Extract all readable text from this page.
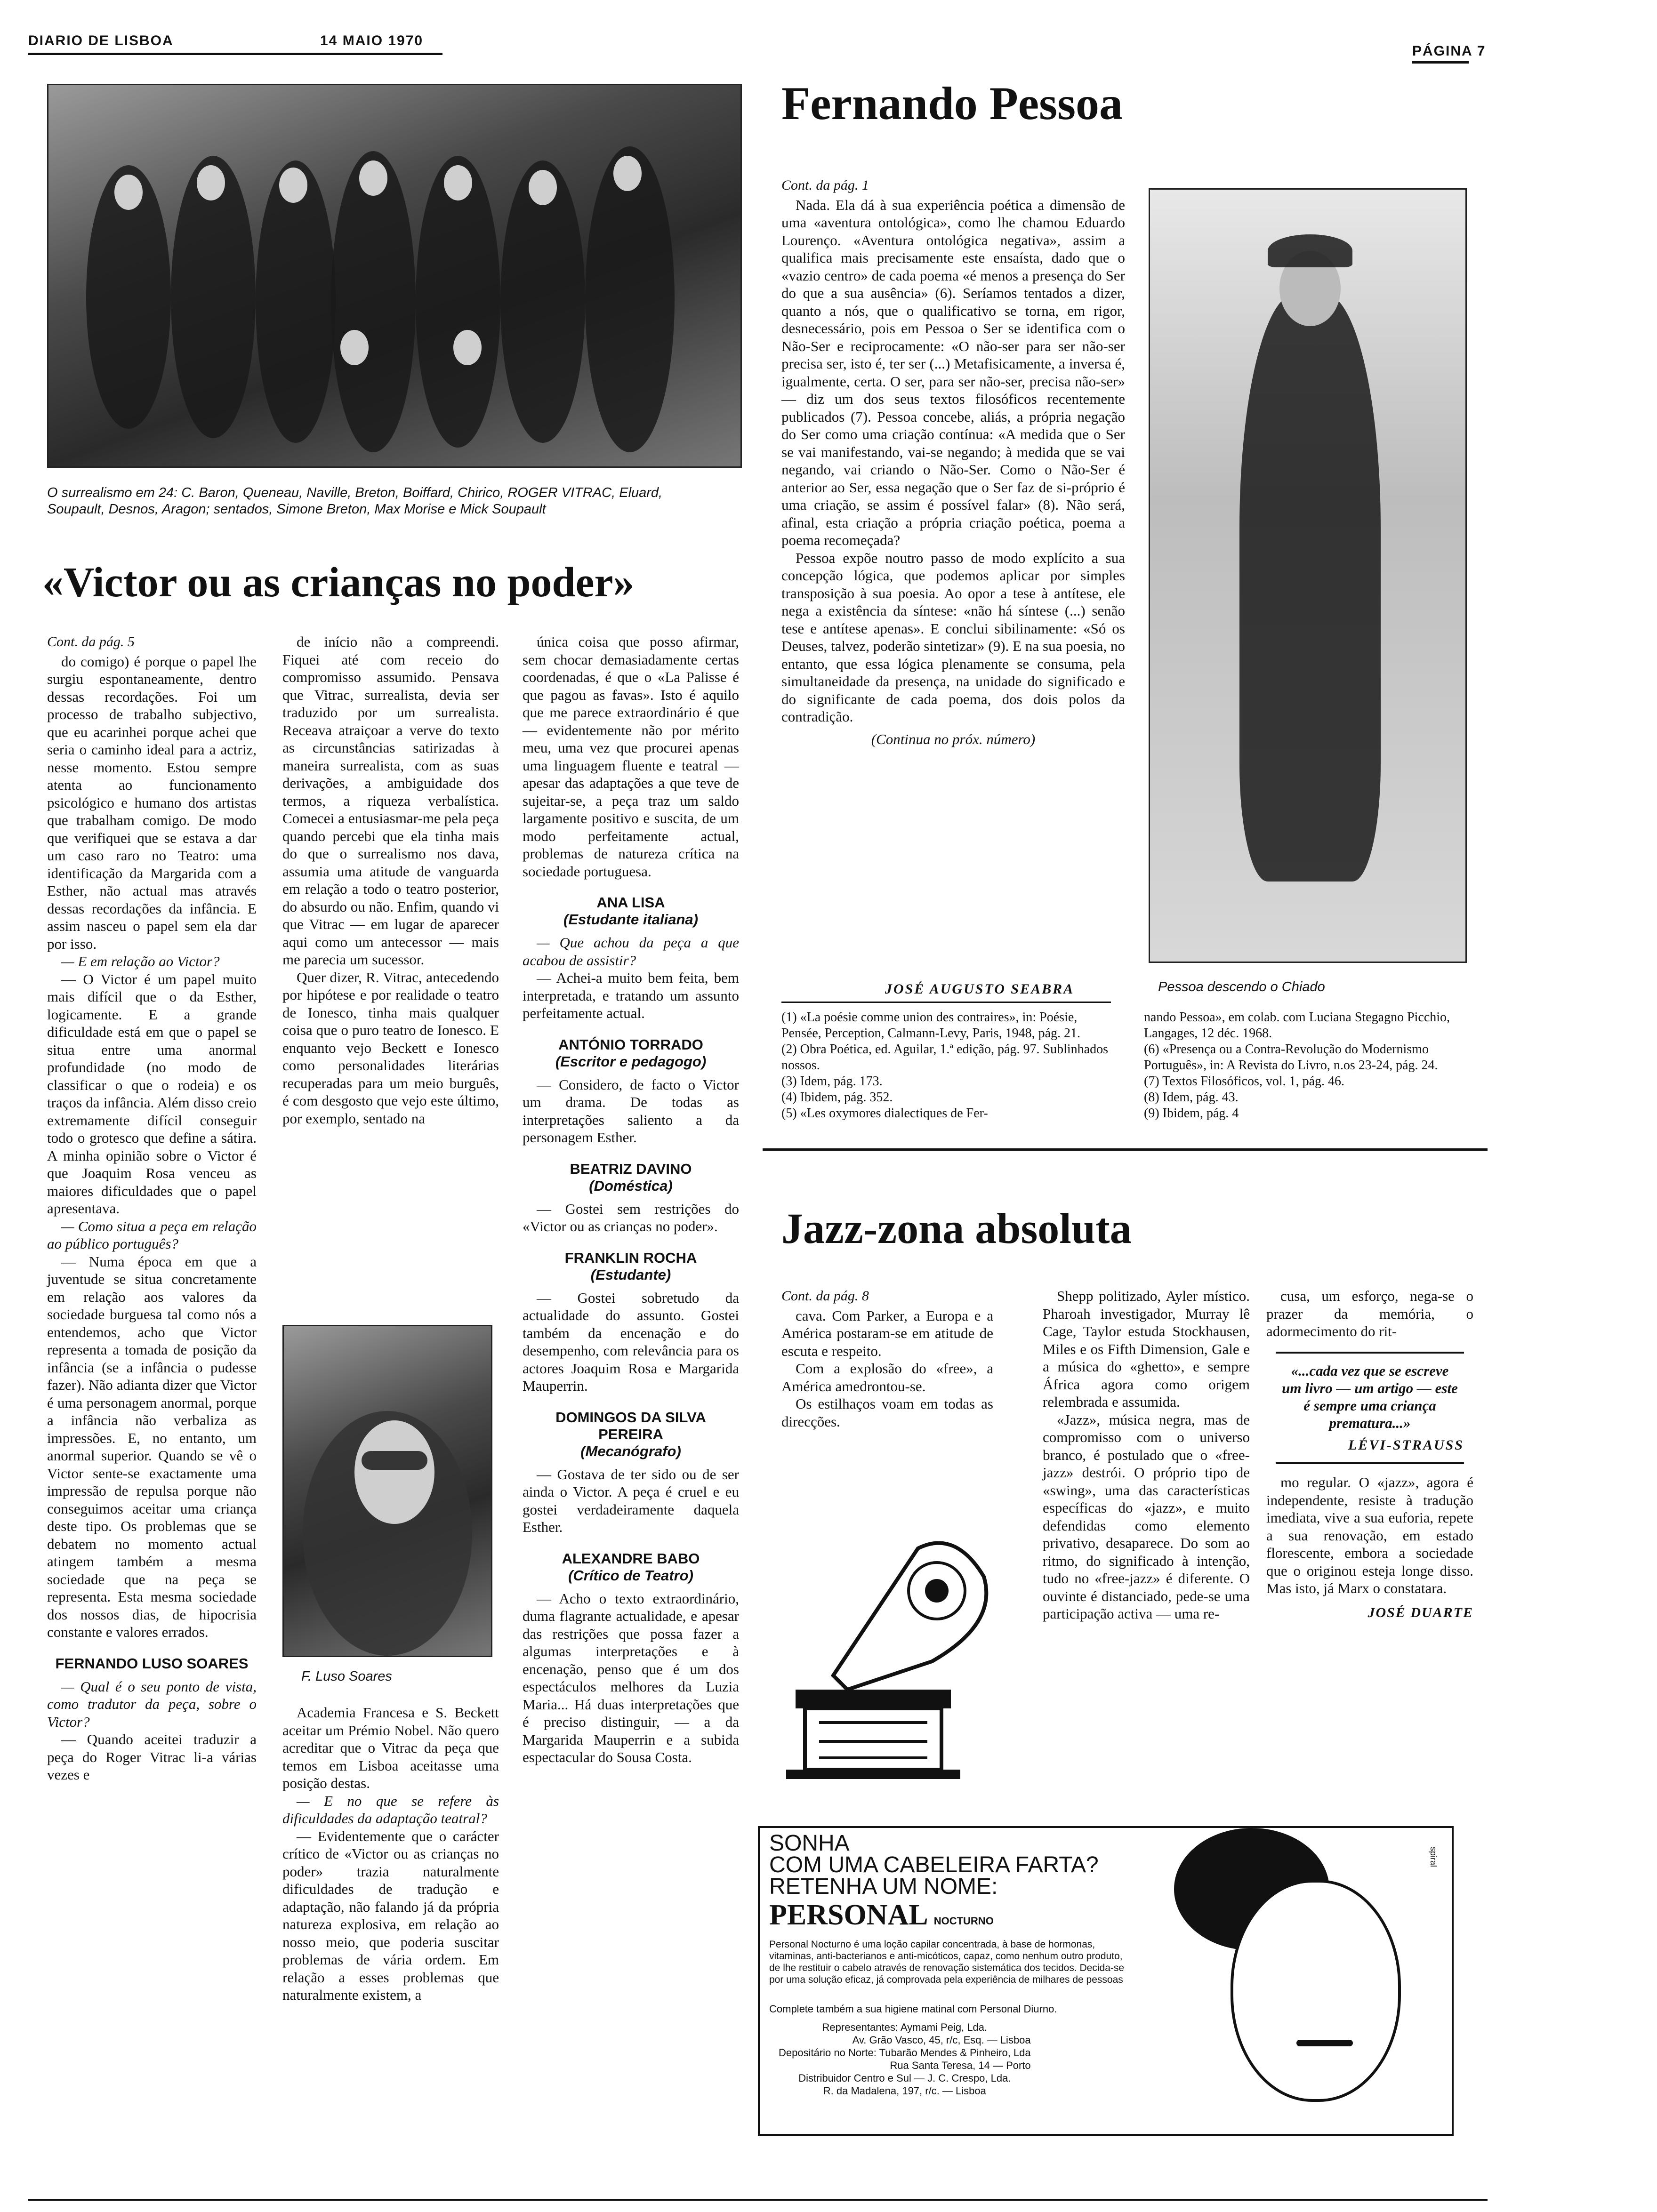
DIARIO DE LISBOA	14 MAIO 1970
PÁGINA 7
O surrealismo em 24: C. Baron, Queneau, Naville, Breton, Boiffard, Chirico, ROGER VITRAC, Eluard, Soupault, Desnos, Aragon; sentados, Simone Breton, Max Morise e Mick Soupault
«Victor ou as crianças no poder»
Cont. da pág. 5

do comigo) é porque o papel lhe surgiu espontaneamente, dentro dessas recordações. Foi um processo de trabalho subjectivo, que eu acarinhei porque achei que seria o caminho ideal para a actriz, nesse momento. Estou sempre atenta ao funcionamento psicológico e humano dos artistas que trabalham comigo. De modo que verifiquei que se estava a dar um caso raro no Teatro: uma identificação da Margarida com a Esther, não actual mas através dessas recordações da infância. E assim nasceu o papel sem ela dar por isso.

— E em relação ao Victor?

— O Victor é um papel muito mais difícil que o da Esther, logicamente. E a grande dificuldade está em que o papel se situa entre uma anormal profundidade (no modo de classificar o que o rodeia) e os traços da infância. Além disso creio extremamente difícil conseguir todo o grotesco que define a sátira. A minha opinião sobre o Victor é que Joaquim Rosa venceu as maiores dificuldades que o papel apresentava.

— Como situa a peça em relação ao público português?

— Numa época em que a juventude se situa concretamente em relação aos valores da sociedade burguesa tal como nós a entendemos, acho que Victor representa a tomada de posição da infância (se a infância o pudesse fazer). Não adianta dizer que Victor é uma personagem anormal, porque a infância não verbaliza as impressões. E, no entanto, um anormal superior. Quando se vê o Victor sente-se exactamente uma impressão de repulsa porque não conseguimos aceitar uma criança deste tipo. Os problemas que se debatem no momento actual atingem também a mesma sociedade que na peça se representa. Esta mesma sociedade dos nossos dias, de hipocrisia constante e valores errados.

FERNANDO LUSO SOARES

— Qual é o seu ponto de vista, como tradutor da peça, sobre o Victor?

— Quando aceitei traduzir a peça do Roger Vitrac li-a várias vezes e

de início não a compreendi. Fiquei até com receio do compromisso assumido. Pensava que Vitrac, surrealista, devia ser traduzido por um surrealista. Receava atraiçoar a verve do texto as circunstâncias satirizadas à maneira surrealista, com as suas derivações, a ambiguidade dos termos, a riqueza verbalística. Comecei a entusiasmar-me pela peça quando percebi que ela tinha mais do que o surrealismo nos dava, assumia uma atitude de vanguarda em relação a todo o teatro posterior, do absurdo ou não. Enfim, quando vi que Vitrac — em lugar de aparecer aqui como um antecessor — mais me parecia um sucessor.

Quer dizer, R. Vitrac, antecedendo por hipótese e por realidade o teatro de Ionesco, tinha mais qualquer coisa que o puro teatro de Ionesco. E enquanto vejo Beckett e Ionesco como personalidades literárias recuperadas para um meio burguês, é com desgosto que vejo este último, por exemplo, sentado na

F. Luso Soares

Academia Francesa e S. Beckett aceitar um Prémio Nobel. Não quero acreditar que o Vitrac da peça que temos em Lisboa aceitasse uma posição destas.

— E no que se refere às dificuldades da adaptação teatral?

— Evidentemente que o carácter crítico de «Victor ou as crianças no poder» trazia naturalmente dificuldades de tradução e adaptação, não falando já da própria natureza explosiva, em relação ao nosso meio, que poderia suscitar problemas de vária ordem. Em relação a esses problemas que naturalmente existem, a

única coisa que posso afirmar, sem chocar demasiadamente certas coordenadas, é que o «La Palisse é que pagou as favas». Isto é aquilo que me parece extraordinário é que — evidentemente não por mérito meu, uma vez que procurei apenas uma linguagem fluente e teatral — apesar das adaptações a que teve de sujeitar-se, a peça traz um saldo largamente positivo e suscita, de um modo perfeitamente actual, problemas de natureza crítica na sociedade portuguesa.

ANA LISA
(Estudante italiana)

— Que achou da peça a que acabou de assistir?

— Achei-a muito bem feita, bem interpretada, e tratando um assunto perfeitamente actual.

ANTÓNIO TORRADO
(Escritor e pedagogo)

— Considero, de facto o Victor um drama. De todas as interpretações saliento a da personagem Esther.

BEATRIZ DAVINO
(Doméstica)

— Gostei sem restrições do «Victor ou as crianças no poder».

FRANKLIN ROCHA
(Estudante)

— Gostei sobretudo da actualidade do assunto. Gostei também da encenação e do desempenho, com relevância para os actores Joaquim Rosa e Margarida Mauperrin.

DOMINGOS DA SILVA PEREIRA
(Mecanógrafo)

— Gostava de ter sido ou de ser ainda o Victor. A peça é cruel e eu gostei verdadeiramente daquela Esther.

ALEXANDRE BABO
(Crítico de Teatro)

— Acho o texto extraordinário, duma flagrante actualidade, e apesar das restrições que possa fazer a algumas interpretações e à encenação, penso que é um dos espectáculos melhores da Luzia Maria... Há duas interpretações que é preciso distinguir, — a da Margarida Mauperrin e a subida espectacular do Sousa Costa.

Fernando Pessoa
Cont. da pág. 1

Nada. Ela dá à sua experiência poética a dimensão de uma «aventura ontológica», como lhe chamou Eduardo Lourenço. «Aventura ontológica negativa», assim a qualifica mais precisamente este ensaísta, dado que o «vazio centro» de cada poema «é menos a presença do Ser do que a sua ausência» (6). Seríamos tentados a dizer, quanto a nós, que o qualificativo se torna, em rigor, desnecessário, pois em Pessoa o Ser se identifica com o Não-Ser e reciprocamente: «O não-ser para ser não-ser precisa ser, isto é, ter ser (...) Metafisicamente, a inversa é, igualmente, certa. O ser, para ser não-ser, precisa não-ser» — diz um dos seus textos filosóficos recentemente publicados (7). Pessoa concebe, aliás, a própria negação do Ser como uma criação contínua: «A medida que o Ser se vai manifestando, vai-se negando; à medida que se vai negando, vai criando o Não-Ser. Como o Não-Ser é anterior ao Ser, essa negação que o Ser faz de si-próprio é uma criação, se assim é possível falar» (8). Não será, afinal, esta criação a própria criação poética, poema a poema recomeçada?

Pessoa expõe noutro passo de modo explícito a sua concepção lógica, que podemos aplicar por simples transposição à sua poesia. Ao opor a tese à antítese, ele nega a existência da síntese: «não há síntese (...) senão tese e antítese apenas». E conclui sibilinamente: «Só os Deuses, talvez, poderão sintetizar» (9). E na sua poesia, no entanto, que essa lógica plenamente se consuma, pela simultaneidade da presença, na unidade do significado e do significante de cada poema, dos dois polos da contradição.

(Continua no próx. número)
Pessoa descendo o Chiado
JOSÉ AUGUSTO SEABRA
(1) «La poésie comme union des contraires», in: Poésie, Pensée, Perception, Calmann-Levy, Paris, 1948, pág. 21.
(2) Obra Poética, ed. Aguilar, 1.ª edição, pág. 97. Sublinhados nossos.
(3) Idem, pág. 173.
(4) Ibidem, pág. 352.
(5) «Les oxymores dialectiques de Fer-
nando Pessoa», em colab. com Luciana Stegagno Picchio, Langages, 12 déc. 1968.
(6) «Presença ou a Contra-Revolução do Modernismo Português», in: A Revista do Livro, n.os 23-24, pág. 24.
(7) Textos Filosóficos, vol. 1, pág. 46.
(8) Idem, pág. 43.
(9) Ibidem, pág. 4
Jazz-zona absoluta
Cont. da pág. 8

cava. Com Parker, a Europa e a América postaram-se em atitude de escuta e respeito.

Com a explosão do «free», a América amedrontou-se.

Os estilhaços voam em todas as direcções.

Shepp politizado, Ayler místico. Pharoah investigador, Murray lê Cage, Taylor estuda Stockhausen, Miles e os Fifth Dimension, Gale e a música do «ghetto», e sempre África agora como origem relembrada e assumida.

«Jazz», música negra, mas de compromisso com o universo branco, é postulado que o «free-jazz» destrói. O próprio tipo de «swing», uma das características específicas do «jazz», e muito defendidas como elemento privativo, desaparece. Do som ao ritmo, do significado à intenção, tudo no «free-jazz» é diferente. O ouvinte é distanciado, pede-se uma participação activa — uma re-

cusa, um esforço, nega-se o prazer da memória, o adormecimento do rit-

«...cada vez que se escreve um livro — um artigo — este é sempre uma criança prematura...»
LÉVI-STRAUSS

mo regular. O «jazz», agora é independente, resiste à tradução imediata, vive a sua euforia, repete a sua renovação, em estado florescente, embora a sociedade que o originou esteja longe disso. Mas isto, já Marx o constatara.

JOSÉ DUARTE
SONHA
COM UMA CABELEIRA FARTA?
RETENHA UM NOME:
PERSONAL NOCTURNO
Personal Nocturno é uma loção capilar concentrada, à base de hormonas, vitaminas, anti-bacterianos e anti-micóticos, capaz, como nenhum outro produto, de lhe restituir o cabelo através de renovação sistemática dos tecidos. Decida-se por uma solução eficaz, já comprovada pela experiência de milhares de pessoas
Complete também a sua higiene matinal com Personal Diurno.
Representantes: Aymami Peig, Lda.
Av. Grão Vasco, 45, r/c, Esq. — Lisboa
Depositário no Norte: Tubarão Mendes & Pinheiro, Lda
Rua Santa Teresa, 14 — Porto
Distribuidor Centro e Sul — J. C. Crespo, Lda.
R. da Madalena, 197, r/c. — Lisboa
spiral
